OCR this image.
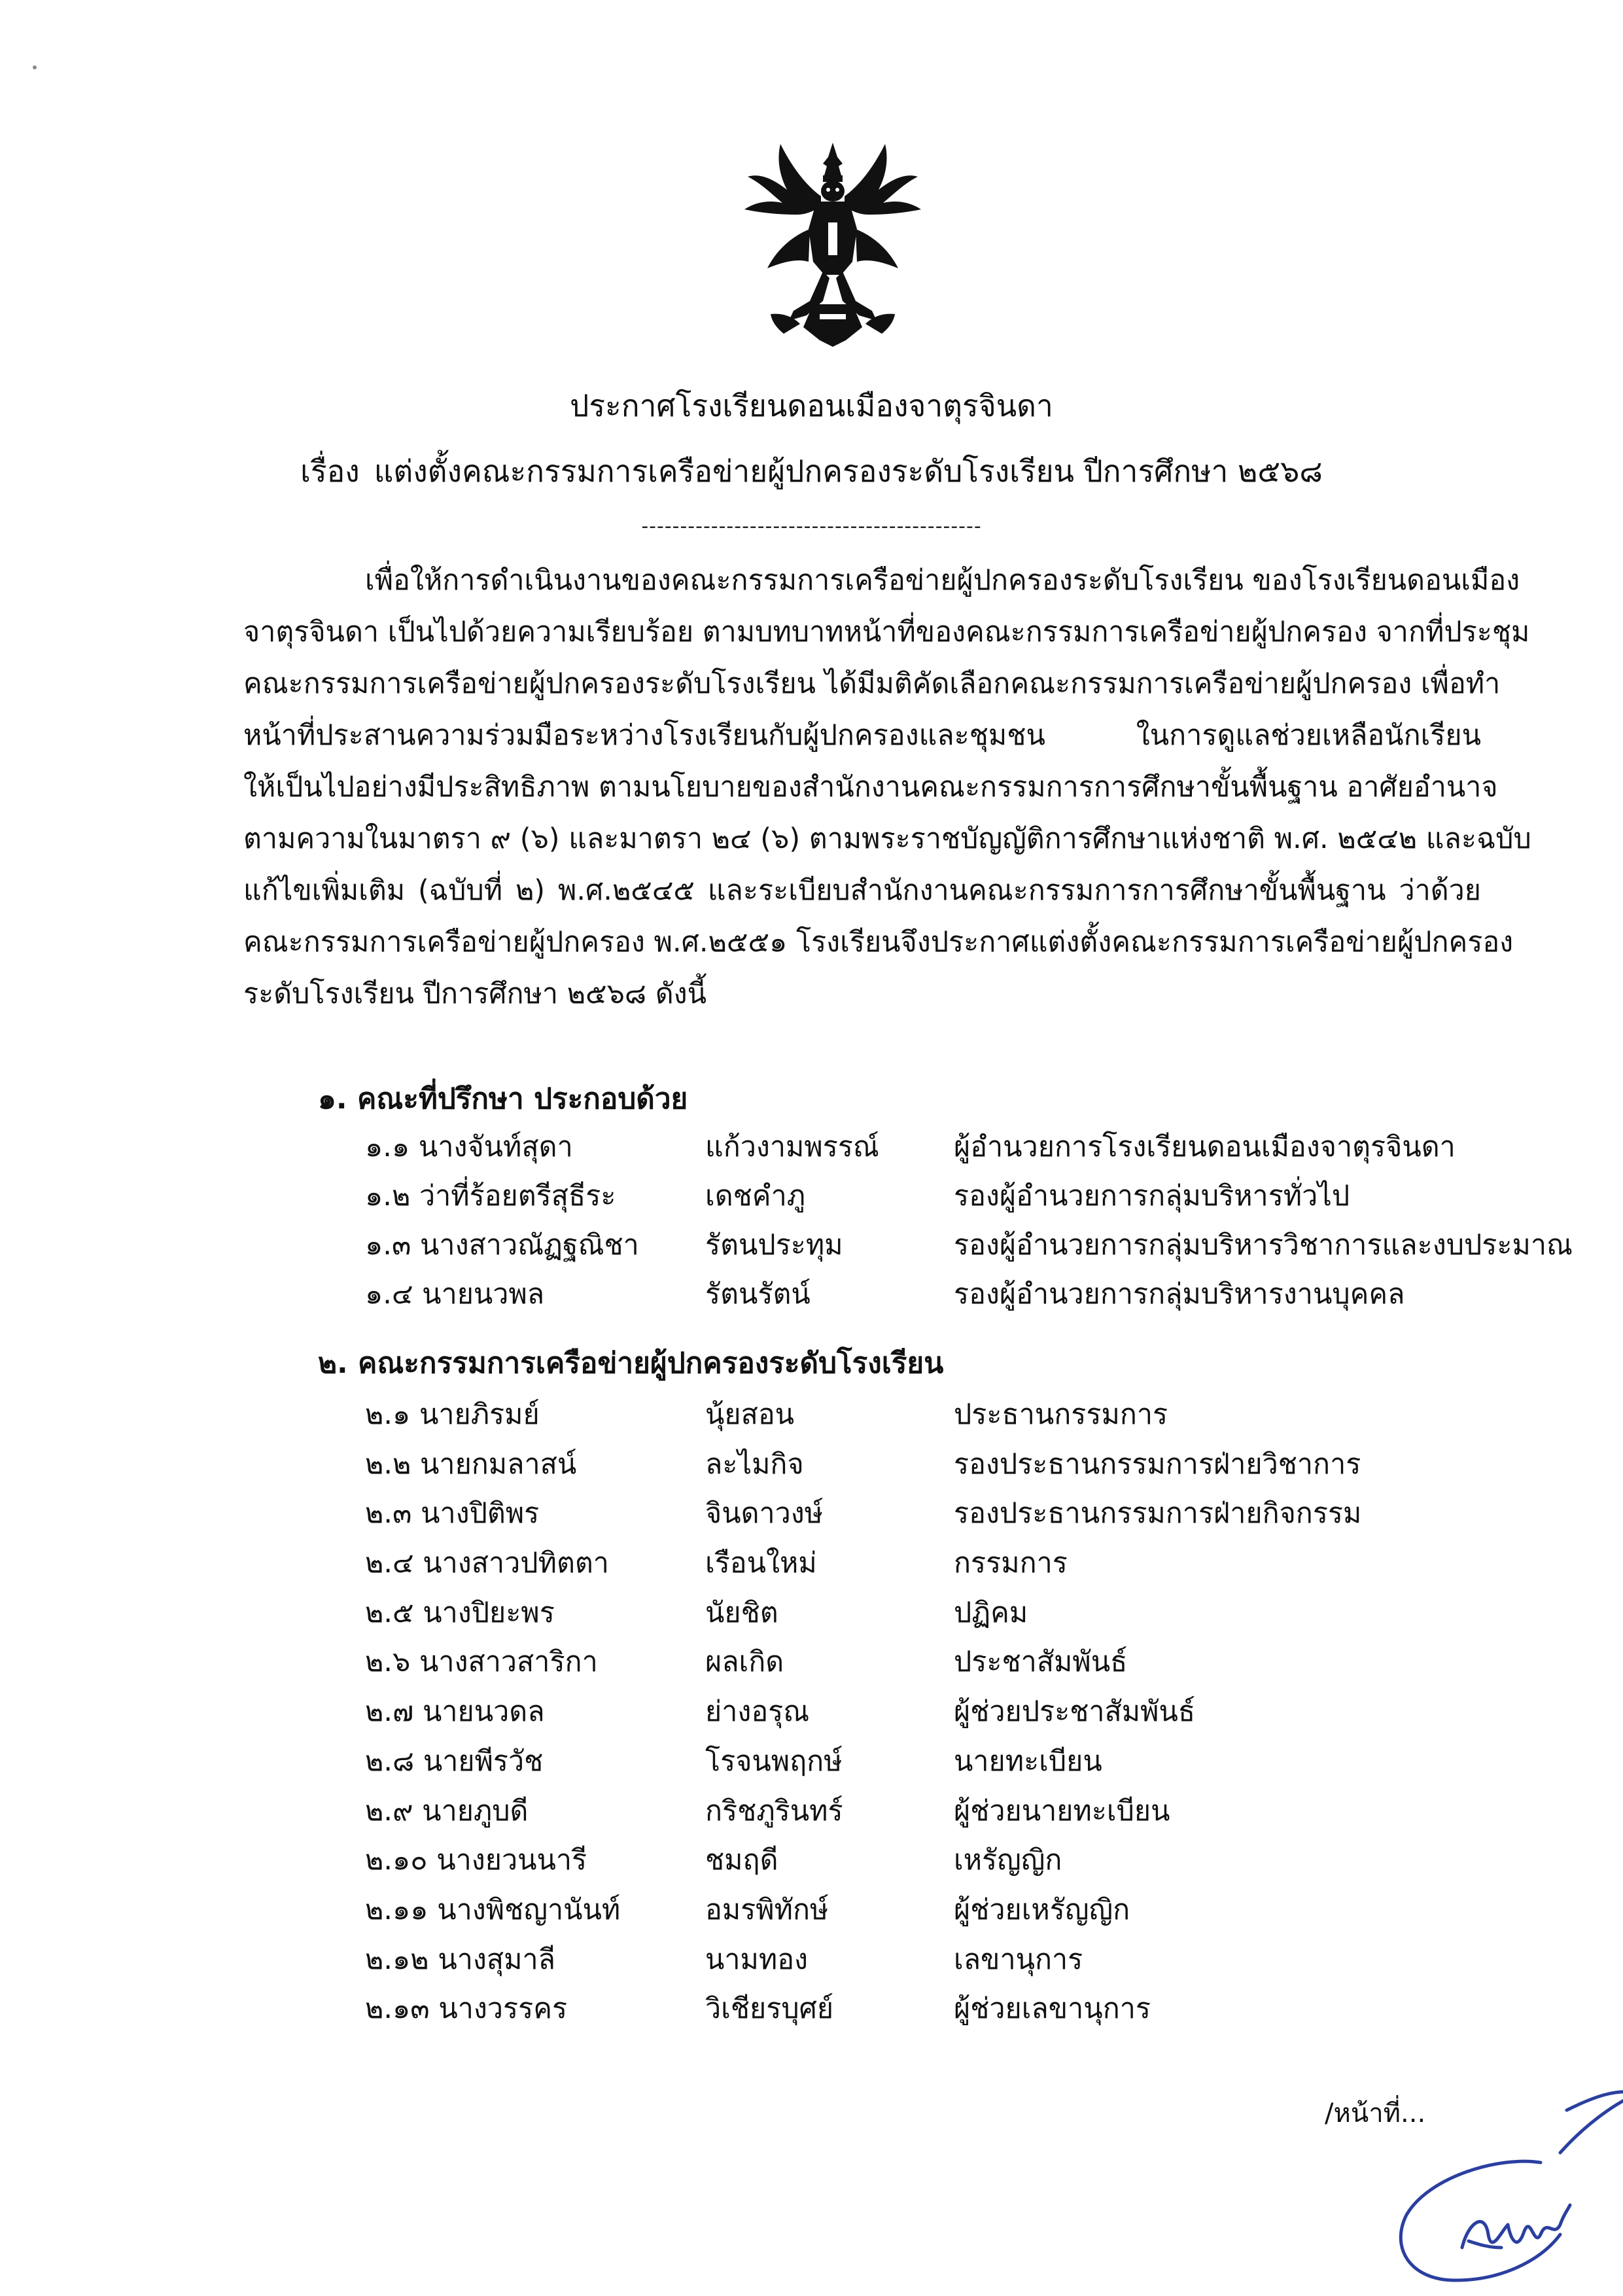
ประกาศโรงเรียนดอนเมืองจาตุรจินดา
เรื่อง แต่งตั้งคณะกรรมการเครือข่ายผู้ปกครองระดับโรงเรียน ปีการศึกษา ๒๕๖๘
--------------------------------------------
เพื่อให้การดำเนินงานของคณะกรรมการเครือข่ายผู้ปกครองระดับโรงเรียน ของโรงเรียนดอนเมือง
จาตุรจินดา เป็นไปด้วยความเรียบร้อย ตามบทบาทหน้าที่ของคณะกรรมการเครือข่ายผู้ปกครอง จากที่ประชุม
คณะกรรมการเครือข่ายผู้ปกครองระดับโรงเรียน ได้มีมติคัดเลือกคณะกรรมการเครือข่ายผู้ปกครอง เพื่อทำ
หน้าที่ประสานความร่วมมือระหว่างโรงเรียนกับผู้ปกครองและชุมชน ในการดูแลช่วยเหลือนักเรียน
ให้เป็นไปอย่างมีประสิทธิภาพ ตามนโยบายของสำนักงานคณะกรรมการการศึกษาขั้นพื้นฐาน อาศัยอำนาจ
ตามความในมาตรา ๙ (๖) และมาตรา ๒๔ (๖) ตามพระราชบัญญัติการศึกษาแห่งชาติ พ.ศ. ๒๕๔๒ และฉบับ
แก้ไขเพิ่มเติม (ฉบับที่ ๒) พ.ศ.๒๕๔๕ และระเบียบสำนักงานคณะกรรมการการศึกษาขั้นพื้นฐาน ว่าด้วย
คณะกรรมการเครือข่ายผู้ปกครอง พ.ศ.๒๕๕๑ โรงเรียนจึงประกาศแต่งตั้งคณะกรรมการเครือข่ายผู้ปกครอง
ระดับโรงเรียน ปีการศึกษา ๒๕๖๘ ดังนี้
๑. คณะที่ปรึกษา ประกอบด้วย
๑.๑ นางจันท์สุดา	แก้วงามพรรณ์	ผู้อำนวยการโรงเรียนดอนเมืองจาตุรจินดา
๑.๒ ว่าที่ร้อยตรีสุธีระ	เดชคำภู	รองผู้อำนวยการกลุ่มบริหารทั่วไป
๑.๓ นางสาวณัฏฐณิชา รัตนประทุม	รองผู้อำนวยการกลุ่มบริหารวิชาการและงบประมาณ
๑.๔ นายนวพล	รัตนรัตน์	รองผู้อำนวยการกลุ่มบริหารงานบุคคล
๒. คณะกรรมการเครือข่ายผู้ปกครองระดับโรงเรียน
๒.๑ นายภิรมย์	นุ้ยสอน	ประธานกรรมการ
๒.๒ นายกมลาสน์	ละไมกิจ	รองประธานกรรมการฝ่ายวิชาการ
๒.๓ นางปิติพร	จินดาวงษ์	รองประธานกรรมการฝ่ายกิจกรรม
๒.๔ นางสาวปทิตตา	เรือนใหม่	กรรมการ
๒.๕ นางปิยะพร	นัยชิต	ปฏิคม
๒.๖ นางสาวสาริกา	ผลเกิด	ประชาสัมพันธ์
๒.๗ นายนวดล	ย่างอรุณ	ผู้ช่วยประชาสัมพันธ์
๒.๘ นายพีรวัช	โรจนพฤกษ์	นายทะเบียน
๒.๙ นายภูบดี	กริชภูรินทร์	ผู้ช่วยนายทะเบียน
๒.๑๐ นางยวนนารี	ชมฤดี	เหรัญญิก
๒.๑๑ นางพิชญานันท์	อมรพิทักษ์	ผู้ช่วยเหรัญญิก
๒.๑๒ นางสุมาลี	นามทอง	เลขานุการ
๒.๑๓ นางวรรคร	วิเชียรบุศย์	ผู้ช่วยเลขานุการ
/หน้าที่...
